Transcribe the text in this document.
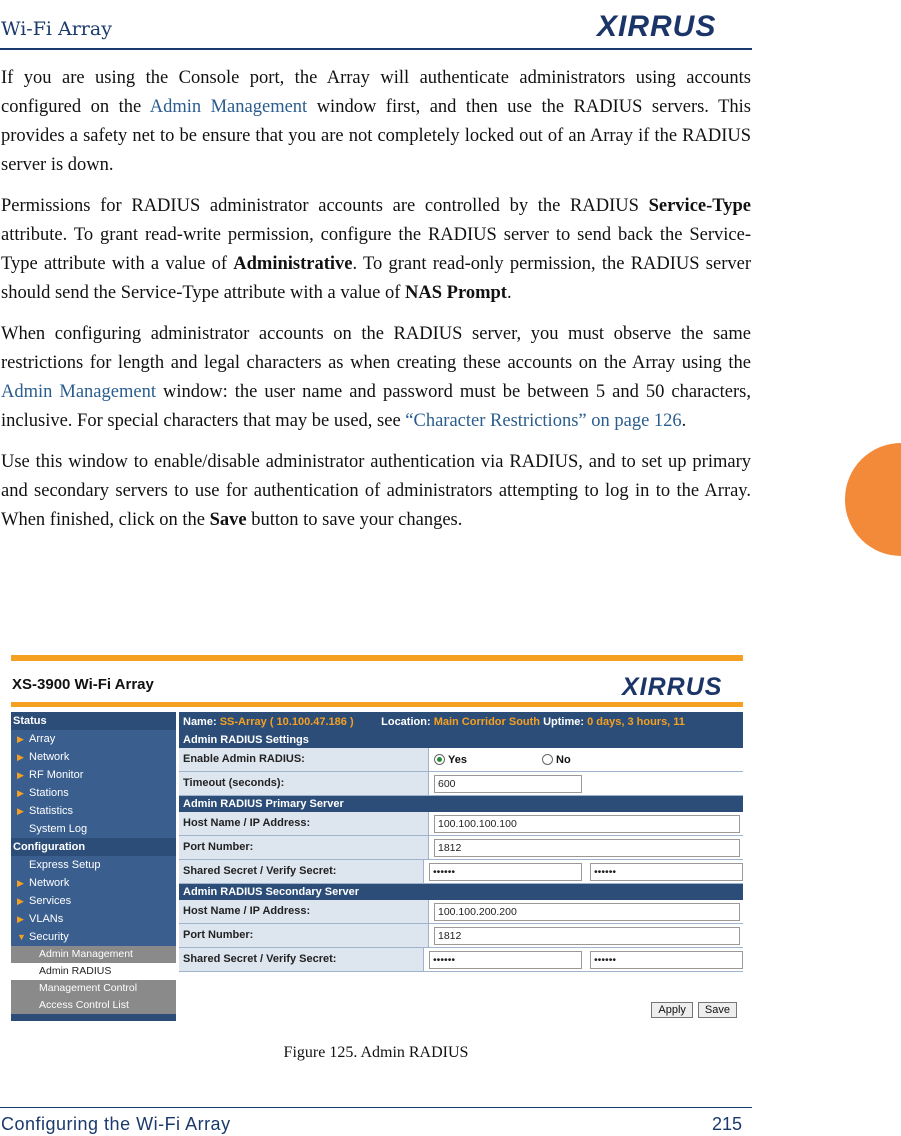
Wi-Fi Array	XIRRUS

If you are using the Console port, the Array will authenticate administrators using accounts configured on the Admin Management window first, and then use the RADIUS servers. This provides a safety net to be ensure that you are not completely locked out of an Array if the RADIUS server is down.

Permissions for RADIUS administrator accounts are controlled by the RADIUS Service-Type attribute. To grant read-write permission, configure the RADIUS server to send back the Service-Type attribute with a value of Administrative. To grant read-only permission, the RADIUS server should send the Service-Type attribute with a value of NAS Prompt.

When configuring administrator accounts on the RADIUS server, you must observe the same restrictions for length and legal characters as when creating these accounts on the Array using the Admin Management window: the user name and password must be between 5 and 50 characters, inclusive. For special characters that may be used, see “Character Restrictions” on page 126.

Use this window to enable/disable administrator authentication via RADIUS, and to set up primary and secondary servers to use for authentication of administrators attempting to log in to the Array. When finished, click on the Save button to save your changes.

XS-3900 Wi-Fi Array	XIRRUS
Status
▶ Array
▶ Network
▶ RF Monitor
▶ Stations
▶ Statistics
System Log
Configuration
Express Setup
▶ Network
▶ Services
▶ VLANs
▼ Security
Admin Management
Admin RADIUS
Management Control
Access Control List
Name: SS-Array ( 10.100.47.186 )	Location: Main Corridor South Uptime: 0 days, 3 hours, 11
Admin RADIUS Settings
Enable Admin RADIUS:	Yes	No
Timeout (seconds):	600
Admin RADIUS Primary Server
Host Name / IP Address:	100.100.100.100
Port Number:	1812
Shared Secret / Verify Secret:	••••••	••••••
Admin RADIUS Secondary Server
Host Name / IP Address:	100.100.200.200
Port Number:	1812
Shared Secret / Verify Secret:	••••••	••••••
Apply	Save
Figure 125. Admin RADIUS
Configuring the Wi-Fi Array	215
